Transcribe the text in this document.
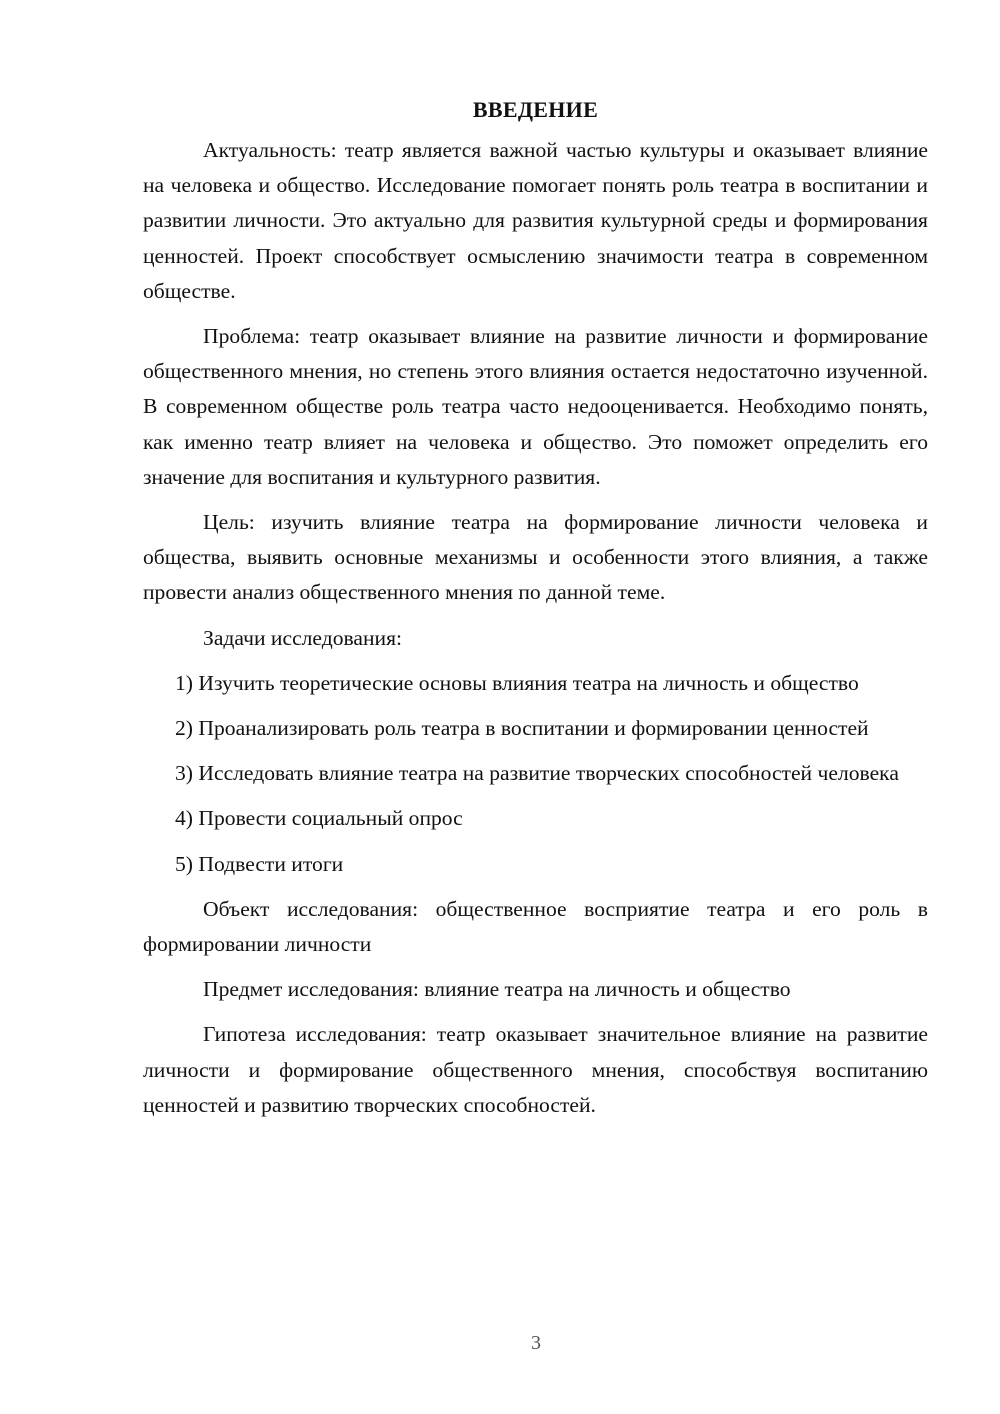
ВВЕДЕНИЕ

Актуальность: театр является важной частью культуры и оказывает влияние на человека и общество. Исследование помогает понять роль театра в воспитании и развитии личности. Это актуально для развития культурной среды и формирования ценностей. Проект способствует осмыслению значимости театра в современном обществе.

Проблема: театр оказывает влияние на развитие личности и формирование общественного мнения, но степень этого влияния остается недостаточно изученной. В современном обществе роль театра часто недооценивается. Необходимо понять, как именно театр влияет на человека и общество. Это поможет определить его значение для воспитания и культурного развития.

Цель: изучить влияние театра на формирование личности человека и общества, выявить основные механизмы и особенности этого влияния, а также провести анализ общественного мнения по данной теме.

Задачи исследования:

1) Изучить теоретические основы влияния театра на личность и общество

2) Проанализировать роль театра в воспитании и формировании ценностей

3) Исследовать влияние театра на развитие творческих способностей человека

4) Провести социальный опрос

5) Подвести итоги

Объект исследования: общественное восприятие театра и его роль в формировании личности

Предмет исследования: влияние театра на личность и общество

Гипотеза исследования: театр оказывает значительное влияние на развитие личности и формирование общественного мнения, способствуя воспитанию ценностей и развитию творческих способностей.

3
